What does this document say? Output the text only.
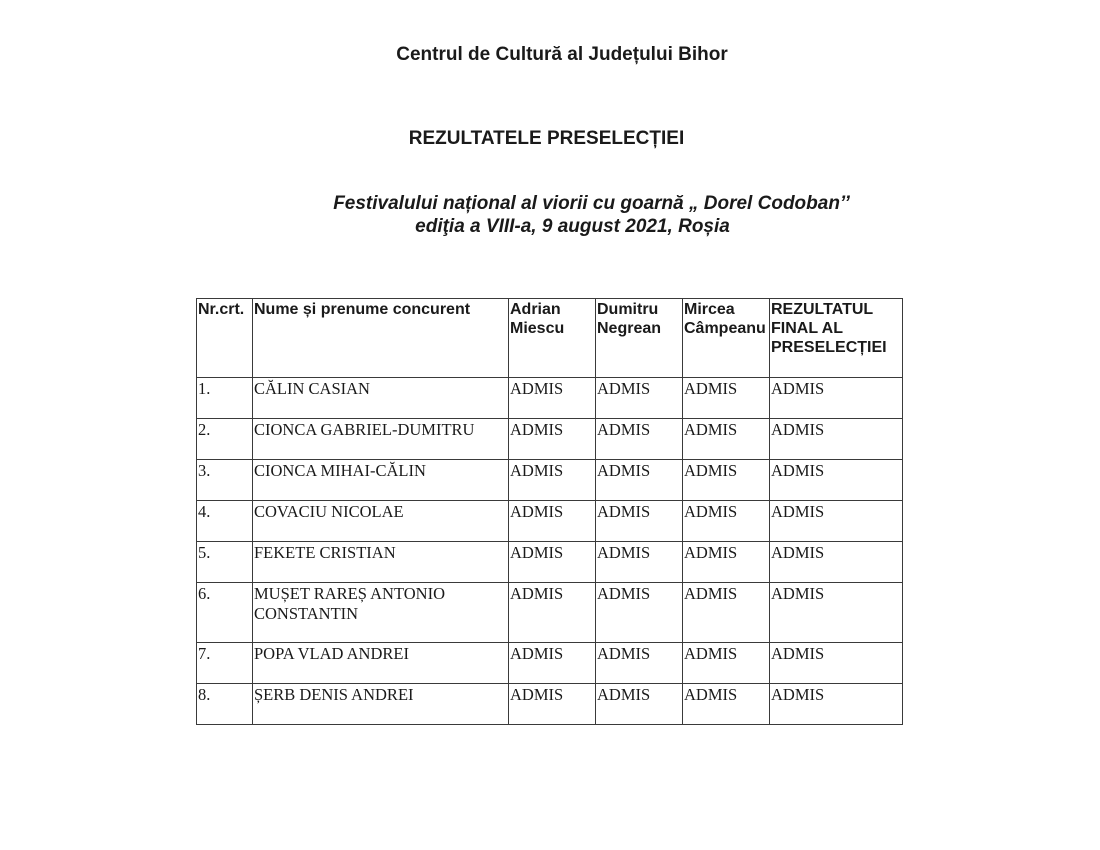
Centrul de Cultură al Județului Bihor
REZULTATELE PRESELECȚIEI
Festivalului național al viorii cu goarnă „ Dorel Codoban’’
ediţia a VIII-a, 9 august 2021, Roșia
Nr.crt.	Nume și prenume concurent	Adrian Miescu	Dumitru Negrean	Mircea Câmpeanu	REZULTATUL FINAL AL PRESELECȚIEI
1.	CĂLIN CASIAN	ADMIS	ADMIS	ADMIS	ADMIS
2.	CIONCA GABRIEL-DUMITRU	ADMIS	ADMIS	ADMIS	ADMIS
3.	CIONCA MIHAI-CĂLIN	ADMIS	ADMIS	ADMIS	ADMIS
4.	COVACIU NICOLAE	ADMIS	ADMIS	ADMIS	ADMIS
5.	FEKETE CRISTIAN	ADMIS	ADMIS	ADMIS	ADMIS
6.	MUȘET RAREȘ ANTONIO CONSTANTIN	ADMIS	ADMIS	ADMIS	ADMIS
7.	POPA VLAD ANDREI	ADMIS	ADMIS	ADMIS	ADMIS
8.	ȘERB DENIS ANDREI	ADMIS	ADMIS	ADMIS	ADMIS
